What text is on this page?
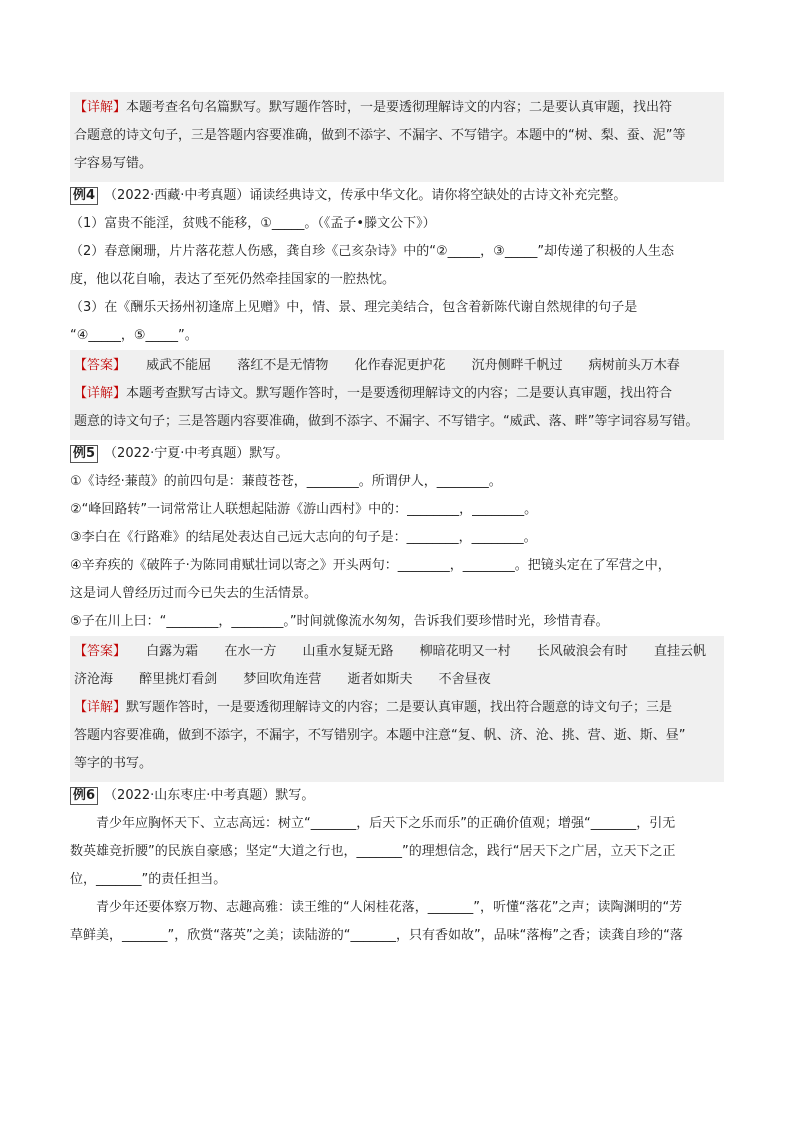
【详解】本题考查名句名篇默写。默写题作答时，一是要透彻理解诗文的内容；二是要认真审题，找出符
合题意的诗文句子，三是答题内容要准确，做到不添字、不漏字、不写错字。本题中的“树、梨、蚕、泥”等
字容易写错。
例4 （2022·西藏·中考真题）诵读经典诗文，传承中华文化。请你将空缺处的古诗文补充完整。
（1）富贵不能淫，贫贱不能移，①_____。（《孟子•滕文公下》）
（2）春意阑珊，片片落花惹人伤感，龚自珍《己亥杂诗》中的“②_____，③_____”却传递了积极的人生态
度，他以花自喻，表达了至死仍然牵挂国家的一腔热忱。
（3）在《酬乐天扬州初逢席上见赠》中，情、景、理完美结合，包含着新陈代谢自然规律的句子是
“④_____，⑤_____”。
【答案】 威武不能屈 落红不是无情物 化作春泥更护花 沉舟侧畔千帆过 病树前头万木春
【详解】本题考查默写古诗文。默写题作答时，一是要透彻理解诗文的内容；二是要认真审题，找出符合
题意的诗文句子；三是答题内容要准确，做到不添字、不漏字、不写错字。“威武、落、畔”等字词容易写错。
例5 （2022·宁夏·中考真题）默写。
①《诗经·蒹葭》的前四句是：蒹葭苍苍，________。所谓伊人，________。
②“峰回路转”一词常常让人联想起陆游《游山西村》中的：________，________。
③李白在《行路难》的结尾处表达自己远大志向的句子是：________，________。
④辛弃疾的《破阵子·为陈同甫赋壮词以寄之》开头两句：________，________。把镜头定在了军营之中，
这是词人曾经历过而今已失去的生活情景。
⑤子在川上曰：“________，________。”时间就像流水匆匆，告诉我们要珍惜时光，珍惜青春。
【答案】 白露为霜 在水一方 山重水复疑无路 柳暗花明又一村 长风破浪会有时 直挂云帆
济沧海 醉里挑灯看剑 梦回吹角连营 逝者如斯夫 不舍昼夜
【详解】默写题作答时，一是要透彻理解诗文的内容；二是要认真审题，找出符合题意的诗文句子；三是
答题内容要准确，做到不添字，不漏字，不写错别字。本题中注意“复、帆、济、沧、挑、营、逝、斯、昼”
等字的书写。
例6 （2022·山东枣庄·中考真题）默写。
青少年应胸怀天下、立志高远：树立“_______，后天下之乐而乐”的正确价值观；增强“_______，引无
数英雄竞折腰”的民族自豪感；坚定“大道之行也，_______”的理想信念，践行“居天下之广居，立天下之正
位，_______”的责任担当。
青少年还要体察万物、志趣高雅：读王维的“人闲桂花落，_______”，听懂“落花”之声；读陶渊明的“芳
草鲜美，_______”，欣赏“落英”之美；读陆游的“_______，只有香如故”，品味“落梅”之香；读龚自珍的“落
